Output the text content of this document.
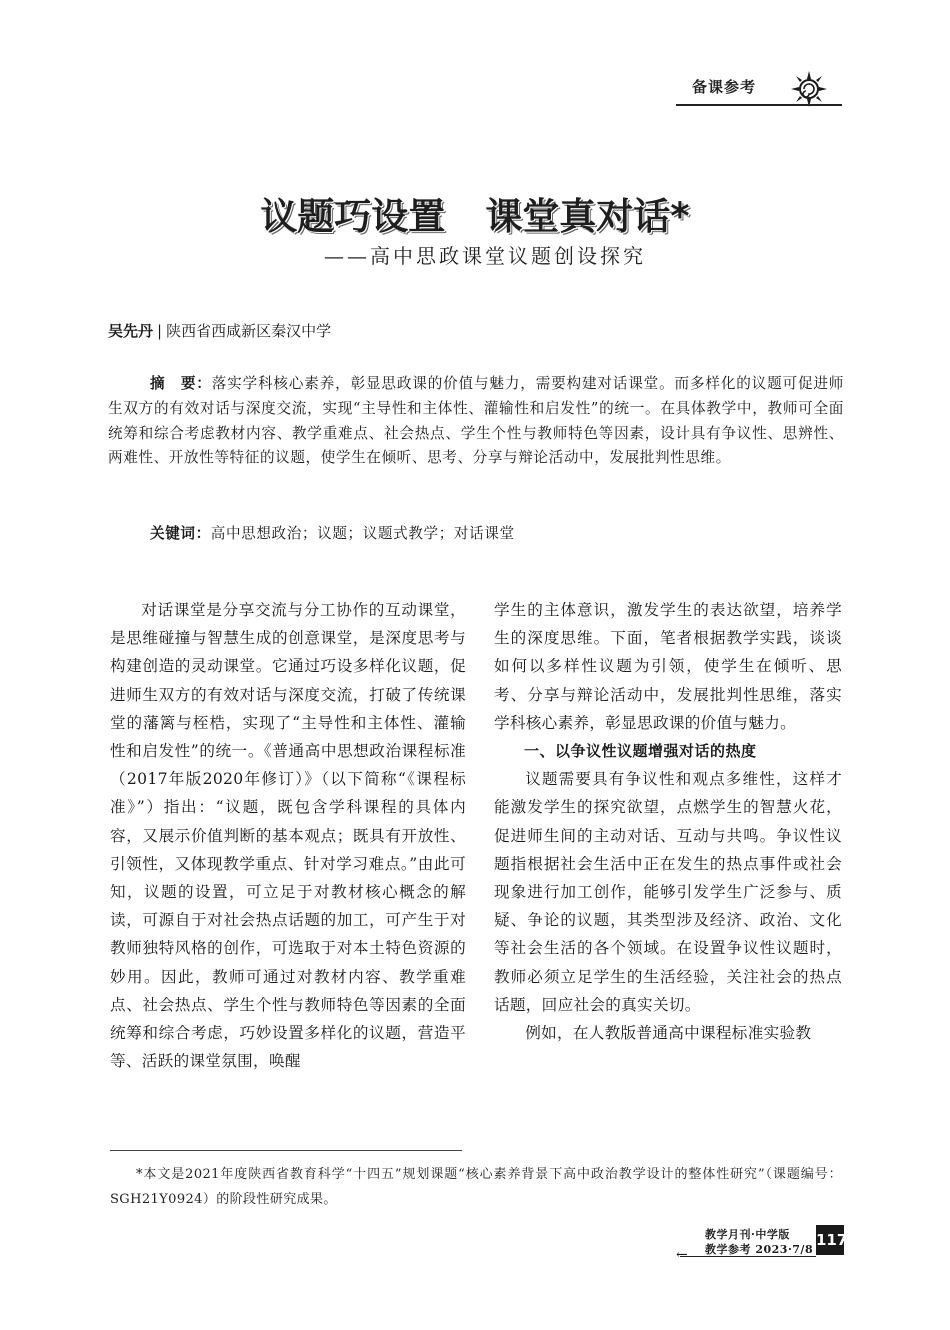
备课参考
议题巧设置 课堂真对话*
——高中思政课堂议题创设探究
吴先丹 | 陕西省西咸新区秦汉中学
摘　要：落实学科核心素养，彰显思政课的价值与魅力，需要构建对话课堂。而多样化的议题可促进师生双方的有效对话与深度交流，实现“主导性和主体性、灌输性和启发性”的统一。在具体教学中，教师可全面统筹和综合考虑教材内容、教学重难点、社会热点、学生个性与教师特色等因素，设计具有争议性、思辨性、两难性、开放性等特征的议题，使学生在倾听、思考、分享与辩论活动中，发展批判性思维。
关键词：高中思想政治；议题；议题式教学；对话课堂

对话课堂是分享交流与分工协作的互动课堂，是思维碰撞与智慧生成的创意课堂，是深度思考与构建创造的灵动课堂。它通过巧设多样化议题，促进师生双方的有效对话与深度交流，打破了传统课堂的藩篱与桎梏，实现了“主导性和主体性、灌输性和启发性”的统一。《普通高中思想政治课程标准（2017年版2020年修订）》（以下简称“《课程标准》”）指出：“议题，既包含学科课程的具体内容，又展示价值判断的基本观点；既具有开放性、引领性，又体现教学重点、针对学习难点。”由此可知，议题的设置，可立足于对教材核心概念的解读，可源自于对社会热点话题的加工，可产生于对教师独特风格的创作，可选取于对本土特色资源的妙用。因此，教师可通过对教材内容、教学重难点、社会热点、学生个性与教师特色等因素的全面统筹和综合考虑，巧妙设置多样化的议题，营造平等、活跃的课堂氛围，唤醒

学生的主体意识，激发学生的表达欲望，培养学生的深度思维。下面，笔者根据教学实践，谈谈如何以多样性议题为引领，使学生在倾听、思考、分享与辩论活动中，发展批判性思维，落实学科核心素养，彰显思政课的价值与魅力。

一、以争议性议题增强对话的热度

议题需要具有争议性和观点多维性，这样才能激发学生的探究欲望，点燃学生的智慧火花，促进师生间的主动对话、互动与共鸣。争议性议题指根据社会生活中正在发生的热点事件或社会现象进行加工创作，能够引发学生广泛参与、质疑、争论的议题，其类型涉及经济、政治、文化等社会生活的各个领域。在设置争议性议题时，教师必须立足学生的生活经验，关注社会的热点话题，回应社会的真实关切。

例如，在人教版普通高中课程标准实验教

*本文是2021年度陕西省教育科学“十四五”规划课题“核心素养背景下高中政治教学设计的整体性研究”（课题编号：SGH21Y0924）的阶段性研究成果。
教学月刊·中学版
教学参考 2023·7/8
←
117
